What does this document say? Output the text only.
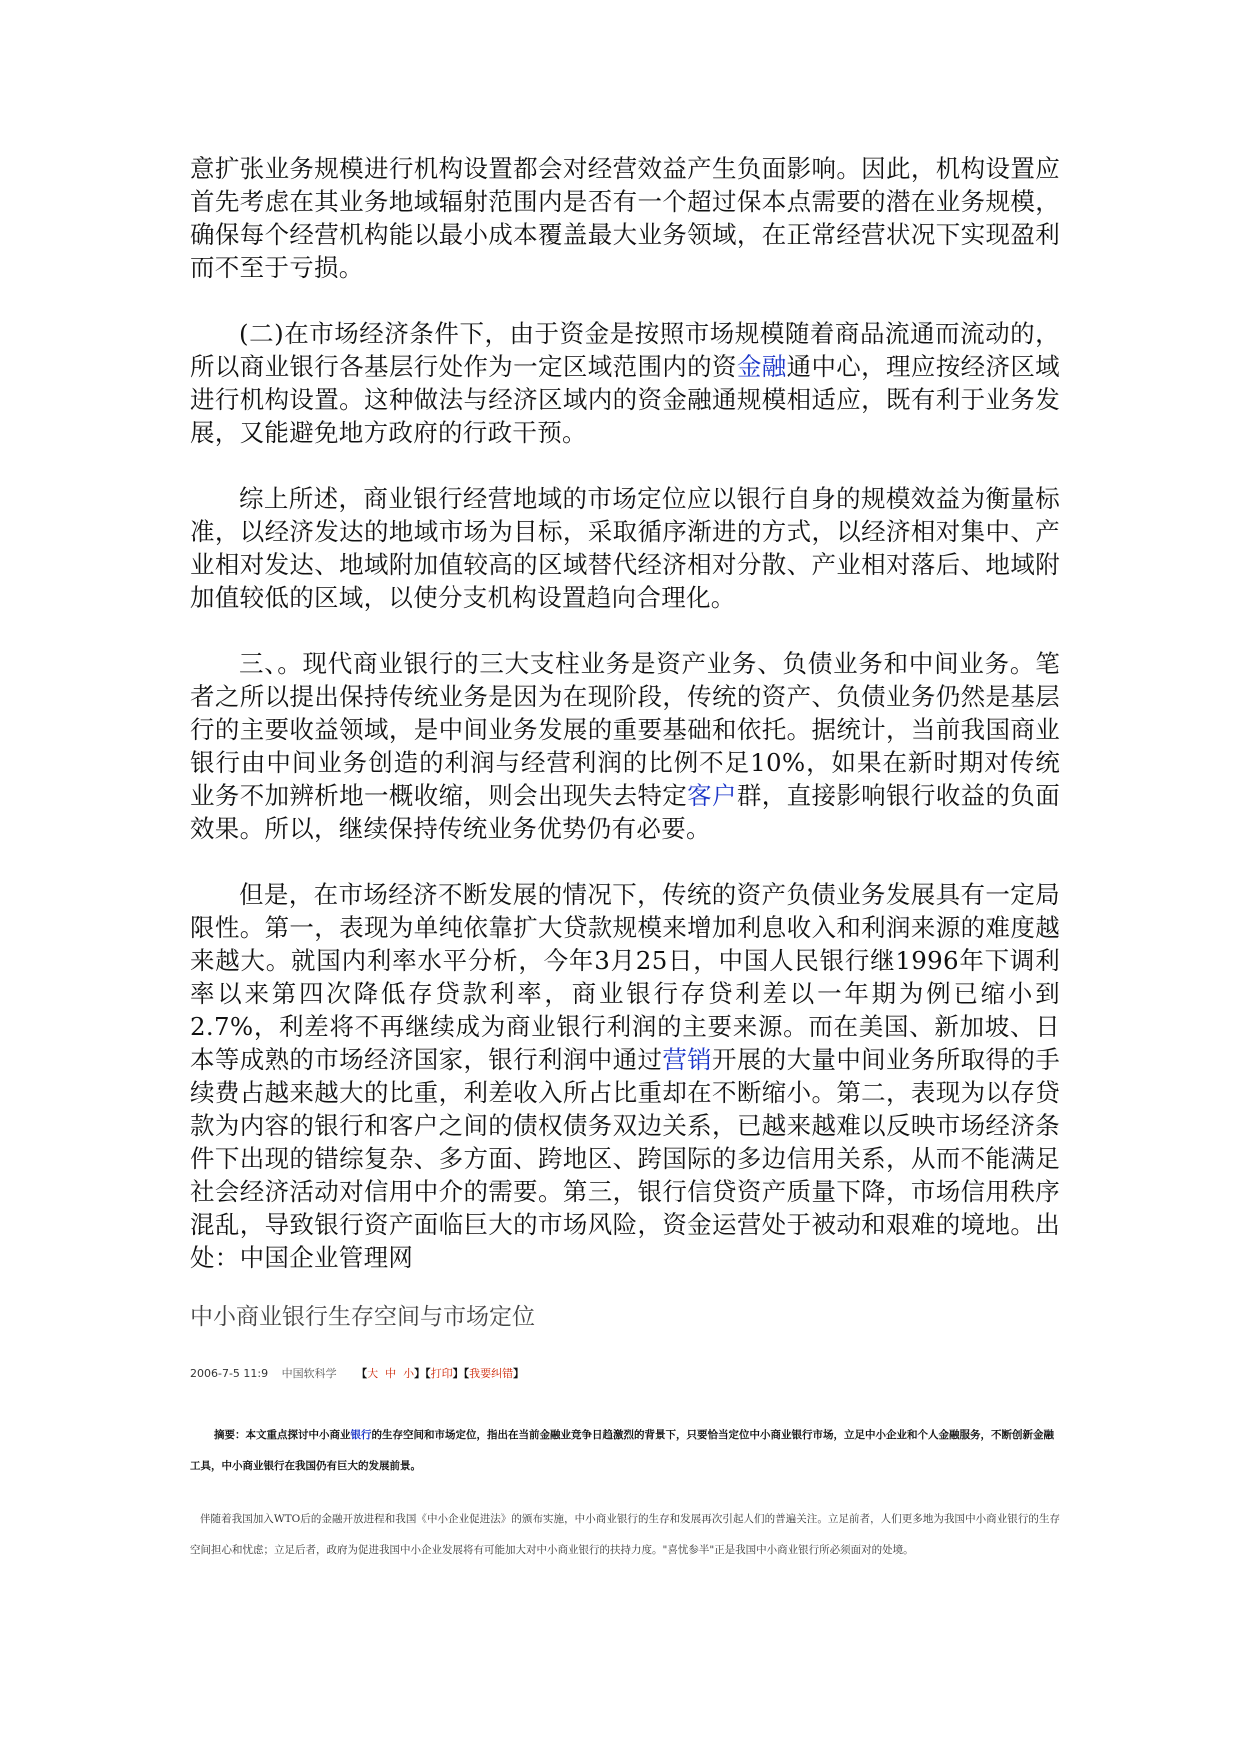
意扩张业务规模进行机构设置都会对经营效益产生负面影响。因此，机构设置应首先考虑在其业务地域辐射范围内是否有一个超过保本点需要的潜在业务规模，确保每个经营机构能以最小成本覆盖最大业务领域，在正常经营状况下实现盈利而不至于亏损。

(二)在市场经济条件下，由于资金是按照市场规模随着商品流通而流动的，所以商业银行各基层行处作为一定区域范围内的资金融通中心，理应按经济区域进行机构设置。这种做法与经济区域内的资金融通规模相适应，既有利于业务发展，又能避免地方政府的行政干预。

综上所述，商业银行经营地域的市场定位应以银行自身的规模效益为衡量标准，以经济发达的地域市场为目标，采取循序渐进的方式，以经济相对集中、产业相对发达、地域附加值较高的区域替代经济相对分散、产业相对落后、地域附加值较低的区域，以使分支机构设置趋向合理化。

三、。现代商业银行的三大支柱业务是资产业务、负债业务和中间业务。笔者之所以提出保持传统业务是因为在现阶段，传统的资产、负债业务仍然是基层行的主要收益领域，是中间业务发展的重要基础和依托。据统计，当前我国商业银行由中间业务创造的利润与经营利润的比例不足10%，如果在新时期对传统业务不加辨析地一概收缩，则会出现失去特定客户群，直接影响银行收益的负面效果。所以，继续保持传统业务优势仍有必要。

但是，在市场经济不断发展的情况下，传统的资产负债业务发展具有一定局限性。第一，表现为单纯依靠扩大贷款规模来增加利息收入和利润来源的难度越来越大。就国内利率水平分析，今年3月25日，中国人民银行继1996年下调利率以来第四次降低存贷款利率，商业银行存贷利差以一年期为例已缩小到2.7%，利差将不再继续成为商业银行利润的主要来源。而在美国、新加坡、日本等成熟的市场经济国家，银行利润中通过营销开展的大量中间业务所取得的手续费占越来越大的比重，利差收入所占比重却在不断缩小。第二，表现为以存贷款为内容的银行和客户之间的债权债务双边关系，已越来越难以反映市场经济条件下出现的错综复杂、多方面、跨地区、跨国际的多边信用关系，从而不能满足社会经济活动对信用中介的需要。第三，银行信贷资产质量下降，市场信用秩序混乱，导致银行资产面临巨大的市场风险，资金运营处于被动和艰难的境地。出处：中国企业管理网

中小商业银行生存空间与市场定位
2006-7-5 11:9 中国软科学 【大 中 小】【打印】【我要纠错】

摘要：本文重点探讨中小商业银行的生存空间和市场定位，指出在当前金融业竞争日趋激烈的背景下，只要恰当定位中小商业银行市场，立足中小企业和个人金融服务，不断创新金融工具，中小商业银行在我国仍有巨大的发展前景。

伴随着我国加入WTO后的金融开放进程和我国《中小企业促进法》的颁布实施，中小商业银行的生存和发展再次引起人们的普遍关注。立足前者，人们更多地为我国中小商业银行的生存空间担心和忧虑；立足后者，政府为促进我国中小企业发展将有可能加大对中小商业银行的扶持力度。"喜忧参半"正是我国中小商业银行所必须面对的处境。
